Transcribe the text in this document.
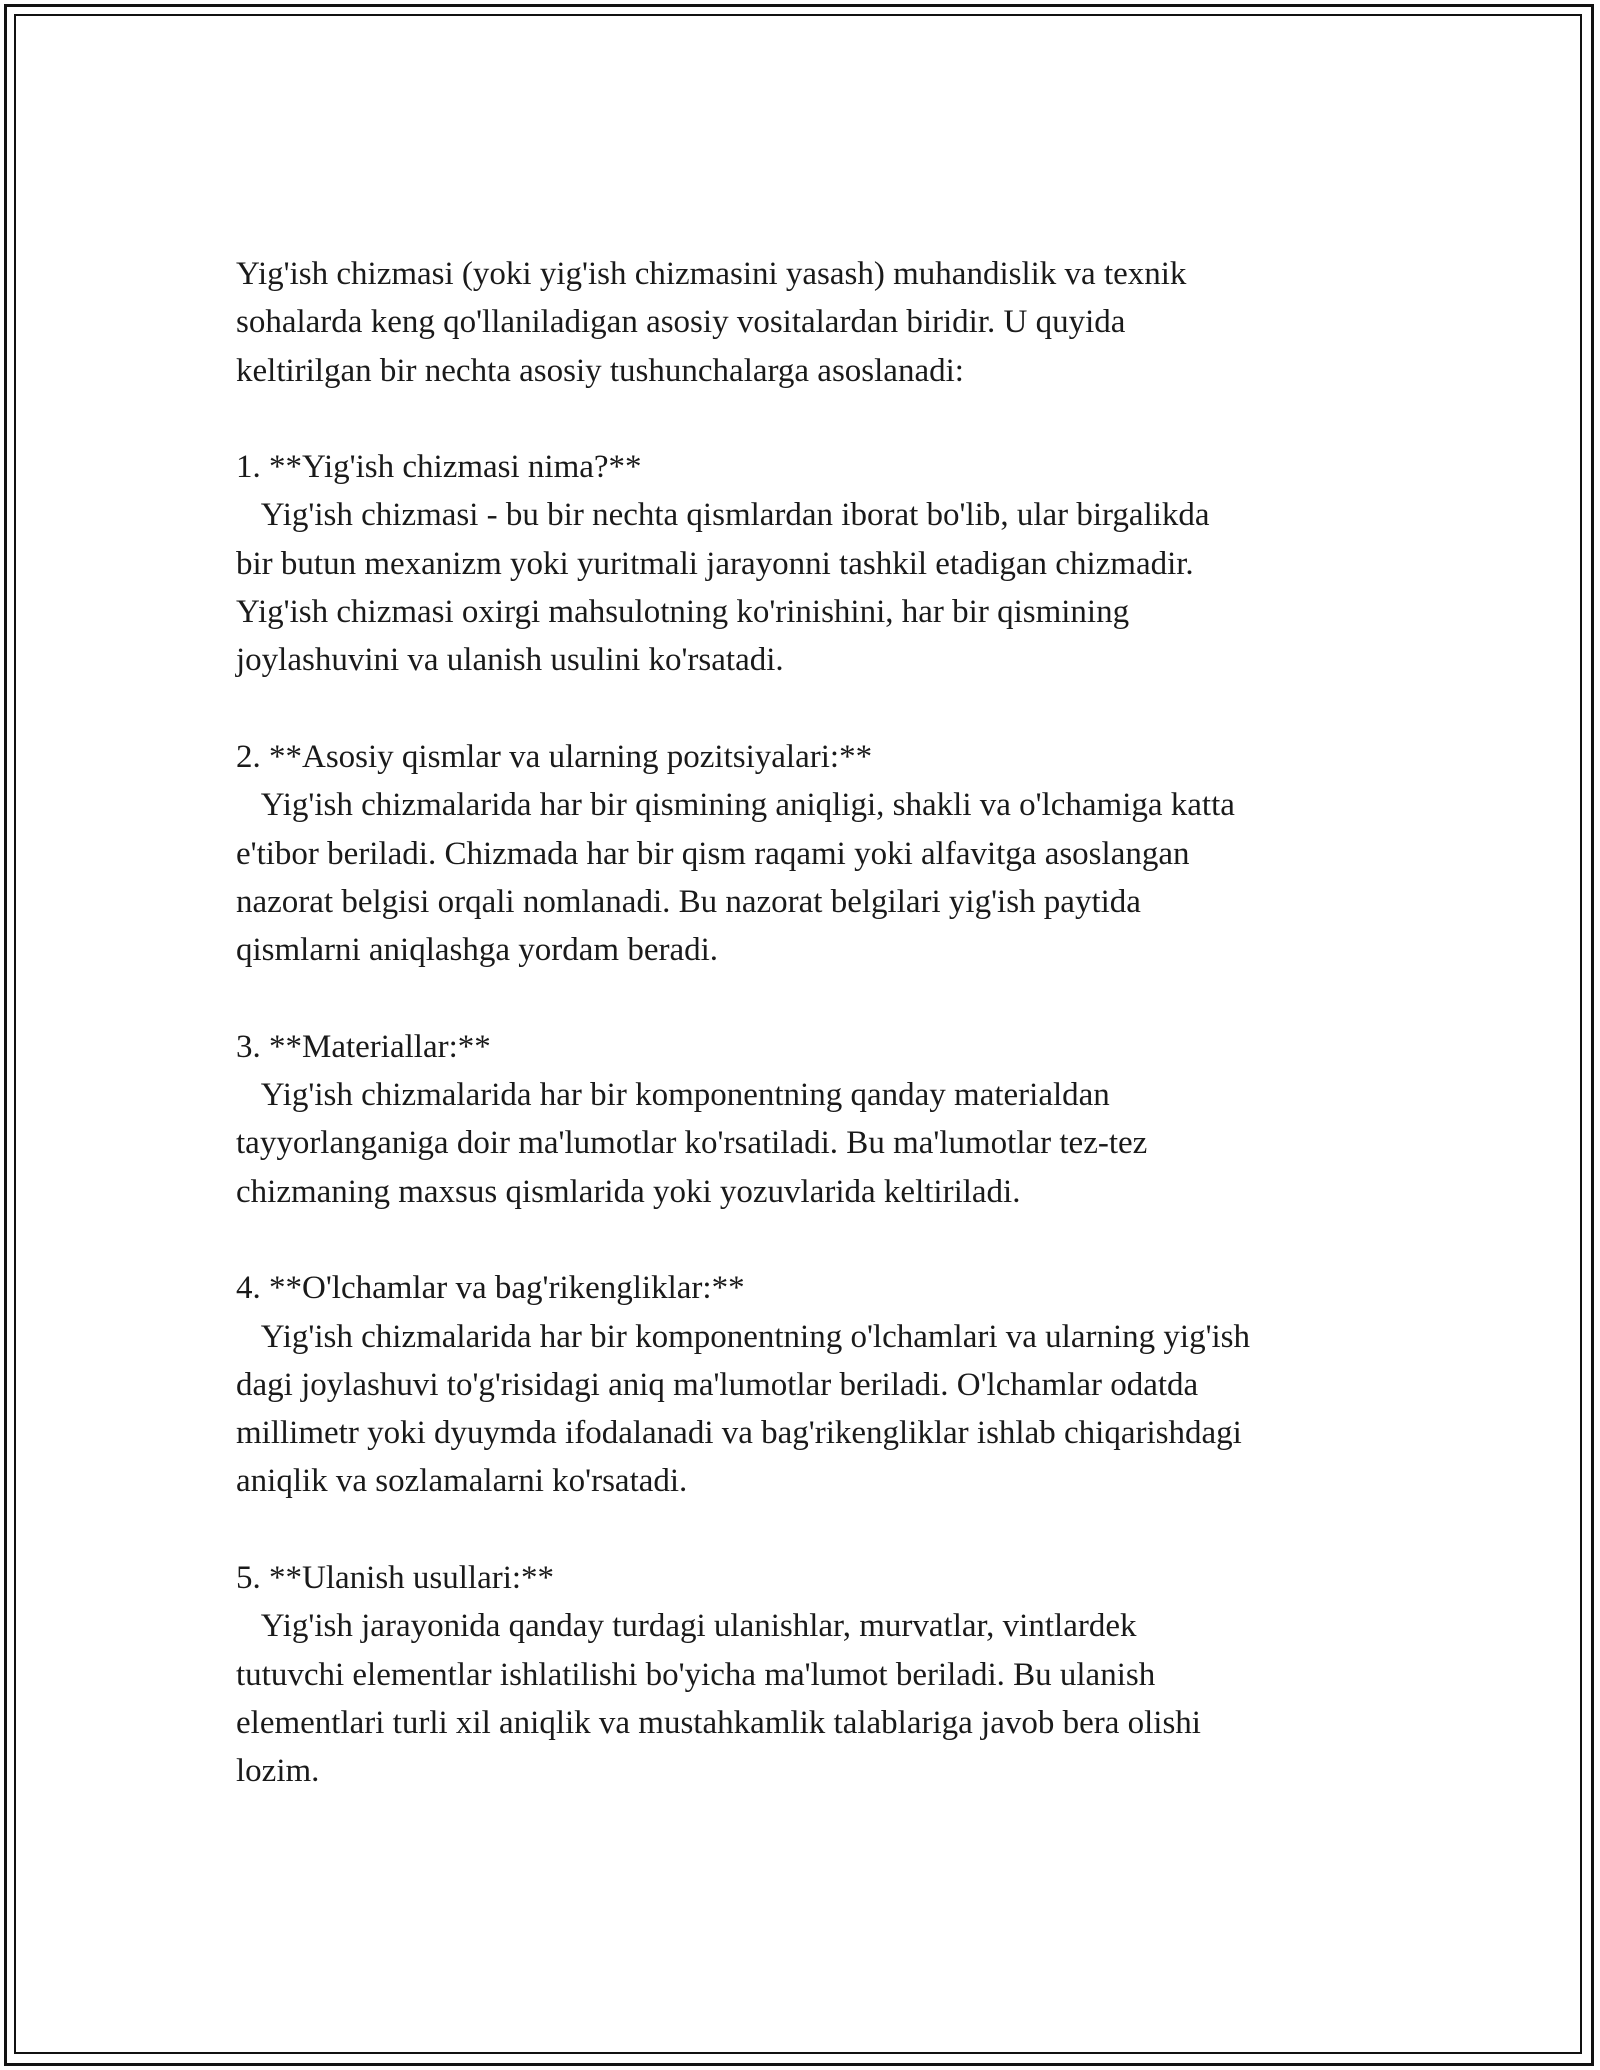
Yig'ish chizmasi (yoki yig'ish chizmasini yasash) muhandislik va texnik
sohalarda keng qo'llaniladigan asosiy vositalardan biridir. U quyida
keltirilgan bir nechta asosiy tushunchalarga asoslanadi:

1. **Yig'ish chizmasi nima?**

Yig'ish chizmasi - bu bir nechta qismlardan iborat bo'lib, ular birgalikda
bir butun mexanizm yoki yuritmali jarayonni tashkil etadigan chizmadir.
Yig'ish chizmasi oxirgi mahsulotning ko'rinishini, har bir qismining
joylashuvini va ulanish usulini ko'rsatadi.

2. **Asosiy qismlar va ularning pozitsiyalari:**

Yig'ish chizmalarida har bir qismining aniqligi, shakli va o'lchamiga katta
e'tibor beriladi. Chizmada har bir qism raqami yoki alfavitga asoslangan
nazorat belgisi orqali nomlanadi. Bu nazorat belgilari yig'ish paytida
qismlarni aniqlashga yordam beradi.

3. **Materiallar:**

Yig'ish chizmalarida har bir komponentning qanday materialdan
tayyorlanganiga doir ma'lumotlar ko'rsatiladi. Bu ma'lumotlar tez-tez
chizmaning maxsus qismlarida yoki yozuvlarida keltiriladi.

4. **O'lchamlar va bag'rikengliklar:**

Yig'ish chizmalarida har bir komponentning o'lchamlari va ularning yig'ish
dagi joylashuvi to'g'risidagi aniq ma'lumotlar beriladi. O'lchamlar odatda
millimetr yoki dyuymda ifodalanadi va bag'rikengliklar ishlab chiqarishdagi
aniqlik va sozlamalarni ko'rsatadi.

5. **Ulanish usullari:**

Yig'ish jarayonida qanday turdagi ulanishlar, murvatlar, vintlardek
tutuvchi elementlar ishlatilishi bo'yicha ma'lumot beriladi. Bu ulanish
elementlari turli xil aniqlik va mustahkamlik talablariga javob bera olishi
lozim.
